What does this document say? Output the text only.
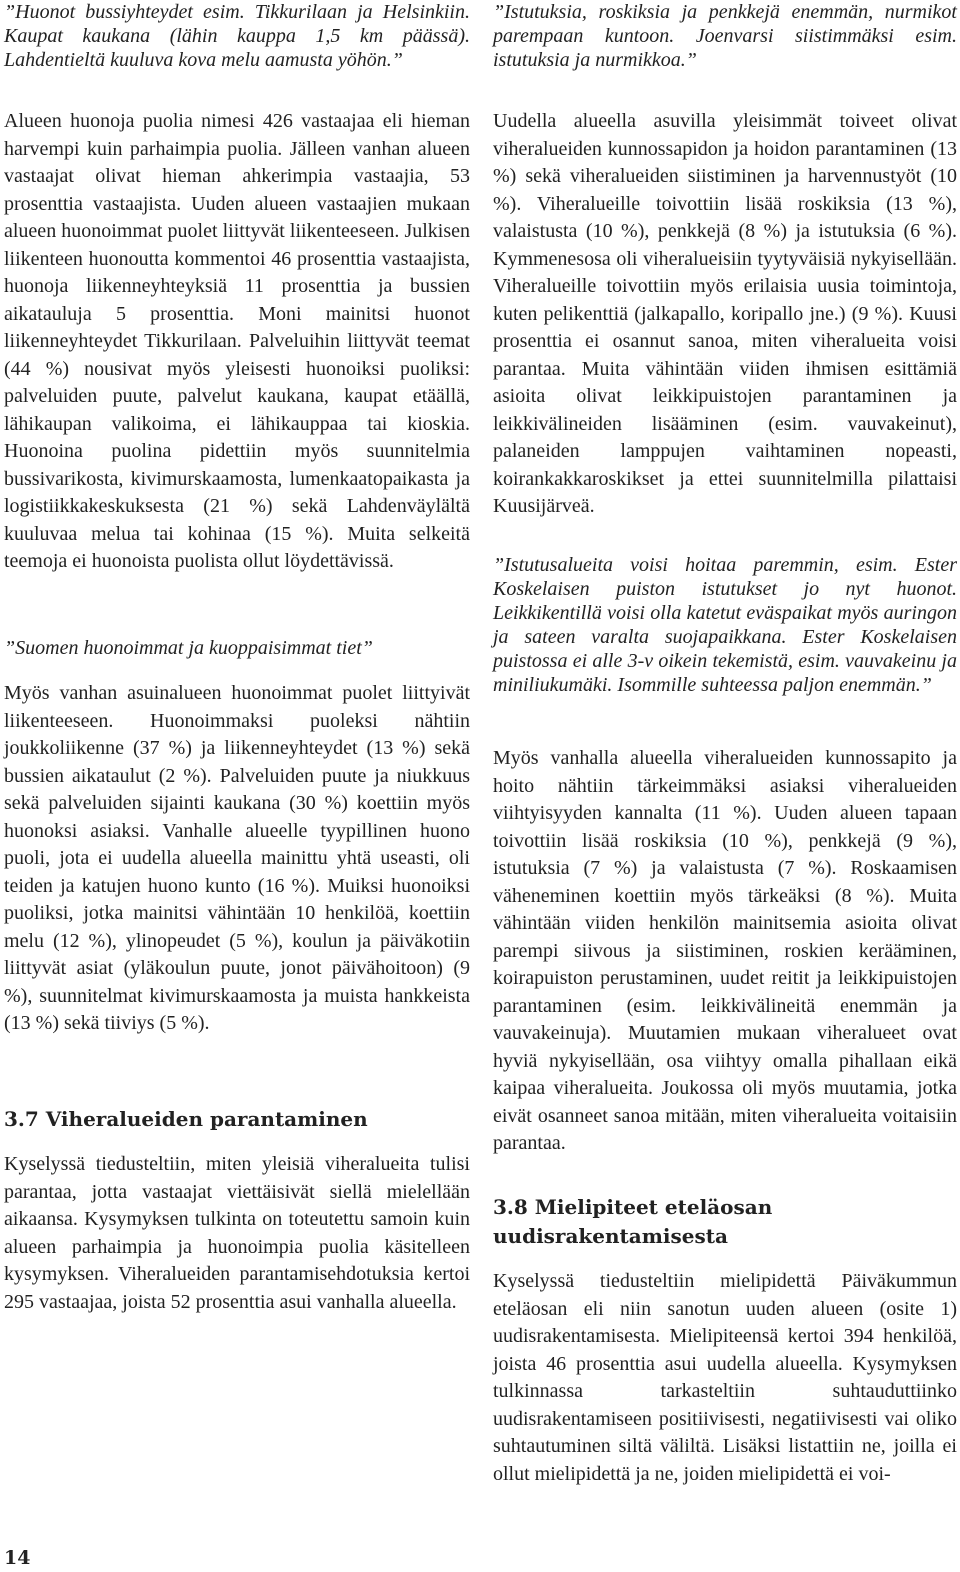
”Huonot bussiyhteydet esim. Tikkurilaan ja Helsinkiin. Kaupat kaukana (lähin kauppa 1,5 km päässä). Lahdentieltä kuuluva kova melu aamusta yöhön.”

Alueen huonoja puolia nimesi 426 vastaajaa eli hieman harvempi kuin parhaimpia puolia. Jälleen vanhan alueen vastaajat olivat hieman ahkerimpia vastaajia, 53 prosenttia vastaajista. Uuden alueen vastaajien mukaan alueen huonoimmat puolet liittyvät liikenteeseen. Julkisen liikenteen huonoutta kommentoi 46 prosenttia vastaajista, huonoja liikenneyhteyksiä 11 prosenttia ja bussien aikatauluja 5 prosenttia. Moni mainitsi huonot liikenneyhteydet Tikkurilaan. Palveluihin liittyvät teemat (44 %) nousivat myös yleisesti huonoiksi puoliksi: palveluiden puute, palvelut kaukana, kaupat etäällä, lähikaupan valikoima, ei lähikauppaa tai kioskia. Huonoina puolina pidettiin myös suunnitelmia bussivarikosta, kivimurskaamosta, lumenkaatopaikasta ja logistiikkakeskuksesta (21 %) sekä Lahdenväylältä kuuluvaa melua tai kohinaa (15 %). Muita selkeitä teemoja ei huonoista puolista ollut löydettävissä.

”Suomen huonoimmat ja kuoppaisimmat tiet”

Myös vanhan asuinalueen huonoimmat puolet liittyivät liikenteeseen. Huonoimmaksi puoleksi nähtiin joukkoliikenne (37 %) ja liikenneyhteydet (13 %) sekä bussien aikataulut (2 %). Palveluiden puute ja niukkuus sekä palveluiden sijainti kaukana (30 %) koettiin myös huonoksi asiaksi. Vanhalle alueelle tyypillinen huono puoli, jota ei uudella alueella mainittu yhtä useasti, oli teiden ja katujen huono kunto (16 %). Muiksi huonoiksi puoliksi, jotka mainitsi vähintään 10 henkilöä, koettiin melu (12 %), ylinopeudet (5 %), koulun ja päiväkotiin liittyvät asiat (yläkoulun puute, jonot päivähoitoon) (9 %), suunnitelmat kivimurskaamosta ja muista hankkeista (13 %) sekä tiiviys (5 %).

3.7 Viheralueiden parantaminen

Kyselyssä tiedusteltiin, miten yleisiä viheralueita tulisi parantaa, jotta vastaajat viettäisivät siellä mielellään aikaansa. Kysymyksen tulkinta on toteutettu samoin kuin alueen parhaimpia ja huonoimpia puolia käsitelleen kysymyksen. Viheralueiden parantamisehdotuksia kertoi 295 vastaajaa, joista 52 prosenttia asui vanhalla alueella.

”Istutuksia, roskiksia ja penkkejä enemmän, nurmikot parempaan kuntoon. Joenvarsi siistimmäksi esim. istutuksia ja nurmikkoa.”

Uudella alueella asuvilla yleisimmät toiveet olivat viheralueiden kunnossapidon ja hoidon parantaminen (13 %) sekä viheralueiden siistiminen ja harvennustyöt (10 %). Viheralueille toivottiin lisää roskiksia (13 %), valaistusta (10 %), penkkejä (8 %) ja istutuksia (6 %). Kymmenesosa oli viheralueisiin tyytyväisiä nykyisellään. Viheralueille toivottiin myös erilaisia uusia toimintoja, kuten pelikenttiä (jalkapallo, koripallo jne.) (9 %). Kuusi prosenttia ei osannut sanoa, miten viheralueita voisi parantaa. Muita vähintään viiden ihmisen esittämiä asioita olivat leikkipuistojen parantaminen ja leikkivälineiden lisääminen (esim. vauvakeinut), palaneiden lamppujen vaihtaminen nopeasti, koirankakkaroskikset ja ettei suunnitelmilla pilattaisi Kuusijärveä.

”Istutusalueita voisi hoitaa paremmin, esim. Ester Koskelaisen puiston istutukset jo nyt huonot. Leikkikentillä voisi olla katetut eväspaikat myös auringon ja sateen varalta suojapaikkana. Ester Koskelaisen puistossa ei alle 3-v oikein tekemistä, esim. vauvakeinu ja miniliukumäki. Isommille suhteessa paljon enemmän.”

Myös vanhalla alueella viheralueiden kunnossapito ja hoito nähtiin tärkeimmäksi asiaksi viheralueiden viihtyisyyden kannalta (11 %). Uuden alueen tapaan toivottiin lisää roskiksia (10 %), penkkejä (9 %), istutuksia (7 %) ja valaistusta (7 %). Roskaamisen väheneminen koettiin myös tärkeäksi (8 %). Muita vähintään viiden henkilön mainitsemia asioita olivat parempi siivous ja siistiminen, roskien kerääminen, koirapuiston perustaminen, uudet reitit ja leikkipuistojen parantaminen (esim. leikkivälineitä enemmän ja vauvakeinuja). Muutamien mukaan viheralueet ovat hyviä nykyisellään, osa viihtyy omalla pihallaan eikä kaipaa viheralueita. Joukossa oli myös muutamia, jotka eivät osanneet sanoa mitään, miten viheralueita voitaisiin parantaa.

3.8 Mielipiteet eteläosan uudisrakentamisesta

Kyselyssä tiedusteltiin mielipidettä Päiväkummun eteläosan eli niin sanotun uuden alueen (osite 1) uudisrakentamisesta. Mielipiteensä kertoi 394 henkilöä, joista 46 prosenttia asui uudella alueella. Kysymyksen tulkinnassa tarkasteltiin suhtauduttiinko uudisrakentamiseen positiivisesti, negatiivisesti vai oliko suhtautuminen siltä väliltä. Lisäksi listattiin ne, joilla ei ollut mielipidettä ja ne, joiden mielipidettä ei voi-

14
